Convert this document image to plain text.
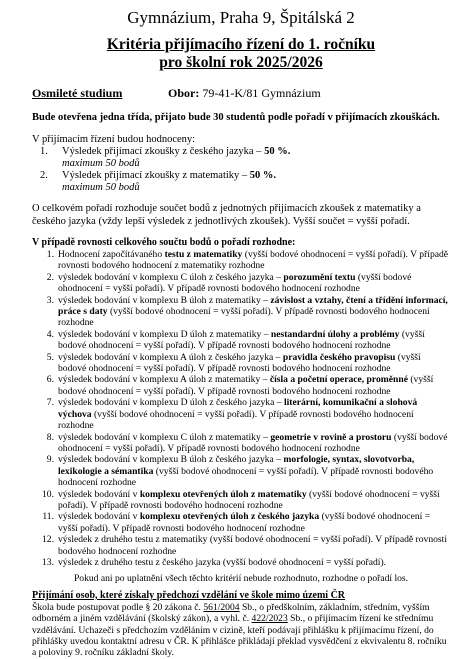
Gymnázium, Praha 9, Špitálská 2
Kritéria přijímacího řízení do 1. ročníku
pro školní rok 2025/2026
Osmileté studium	Obor: 79-41-K/81 Gymnázium

Bude otevřena jedna třída, přijato bude 30 studentů podle pořadí v přijímacích zkouškách.

V přijímacím řízení budou hodnoceny:

1.	Výsledek přijímací zkoušky z českého jazyka – 50 %.
maximum 50 bodů
2.	Výsledek přijímací zkoušky z matematiky – 50 %.
maximum 50 bodů

O celkovém pořadí rozhoduje součet bodů z jednotných přijímacích zkoušek z matematiky a českého jazyka (vždy lepší výsledek z jednotlivých zkoušek). Vyšší součet = vyšší pořadí.

V případě rovnosti celkového součtu bodů o pořadí rozhodne:

1. Hodnocení započítávaného testu z matematiky (vyšší bodové ohodnocení = vyšší pořadí). V případě rovnosti bodového hodnocení z matematiky rozhodne
2. výsledek bodování v komplexu C úloh z českého jazyka – porozumění textu (vyšší bodové ohodnocení = vyšší pořadí). V případě rovnosti bodového hodnocení rozhodne
3. výsledek bodování v komplexu B úloh z matematiky – závislost a vztahy, čtení a třídění informací, práce s daty (vyšší bodové ohodnocení = vyšší pořadí). V případě rovnosti bodového hodnocení rozhodne
4. výsledek bodování v komplexu D úloh z matematiky – nestandardní úlohy a problémy (vyšší bodové ohodnocení = vyšší pořadí). V případě rovnosti bodového hodnocení rozhodne
5. výsledek bodování v komplexu A úloh z českého jazyka – pravidla českého pravopisu (vyšší bodové ohodnocení = vyšší pořadí). V případě rovnosti bodového hodnocení rozhodne
6. výsledek bodování v komplexu A úloh z matematiky – čísla a početní operace, proměnné (vyšší bodové ohodnocení = vyšší pořadí). V případě rovnosti bodového hodnocení rozhodne
7. výsledek bodování v komplexu D úloh z českého jazyka – literární, komunikační a slohová výchova (vyšší bodové ohodnocení = vyšší pořadí). V případě rovnosti bodového hodnocení rozhodne
8. výsledek bodování v komplexu C úloh z matematiky – geometrie v rovině a prostoru (vyšší bodové ohodnocení = vyšší pořadí). V případě rovnosti bodového hodnocení rozhodne
9. výsledek bodování v komplexu B úloh z českého jazyka – morfologie, syntax, slovotvorba, lexikologie a sémantika (vyšší bodové ohodnocení = vyšší pořadí). V případě rovnosti bodového hodnocení rozhodne
10. výsledek bodování v komplexu otevřených úloh z matematiky (vyšší bodové ohodnocení = vyšší pořadí). V případě rovnosti bodového hodnocení rozhodne
11. výsledek bodování v komplexu otevřených úloh z českého jazyka (vyšší bodové ohodnocení = vyšší pořadí). V případě rovnosti bodového hodnocení rozhodne
12. výsledek z druhého testu z matematiky (vyšší bodové ohodnocení = vyšší pořadí). V případě rovnosti bodového hodnocení rozhodne
13. výsledek z druhého testu z českého jazyka (vyšší bodové ohodnocení = vyšší pořadí).

Pokud ani po uplatnění všech těchto kritérií nebude rozhodnuto, rozhodne o pořadí los.

Přijímání osob, které získaly předchozí vzdělání ve škole mimo území ČR

Škola bude postupovat podle § 20 zákona č. 561/2004 Sb., o předškolním, základním, středním, vyšším odborném a jiném vzdělávání (školský zákon), a vyhl. č. 422/2023 Sb., o přijímacím řízení ke střednímu vzdělávání. Uchazeči s předchozím vzděláním v cizině, kteří podávají přihlášku k přijímacímu řízení, do přihlášky uvedou kontaktní adresu v ČR. K přihlášce přikládají překlad vysvědčení z ekvivalentu 8. ročníku a poloviny 9. ročníku základní školy.
